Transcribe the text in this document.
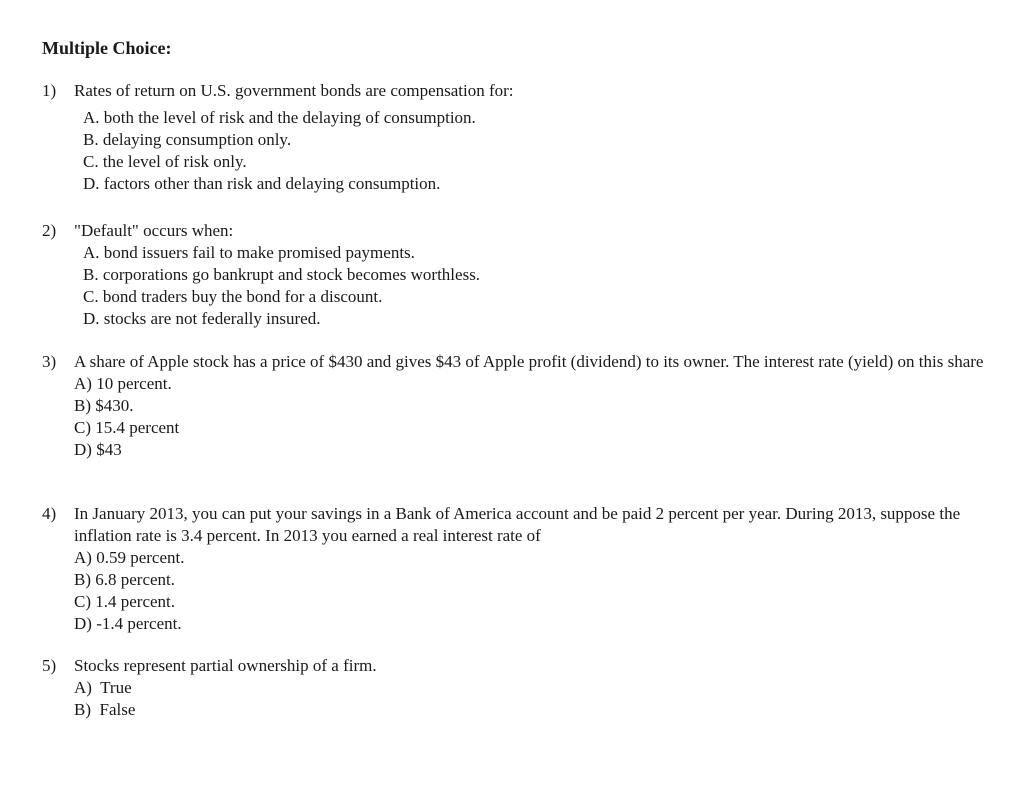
Multiple Choice:
1)	Rates of return on U.S. government bonds are compensation for:
A. both the level of risk and the delaying of consumption.
B. delaying consumption only.
C. the level of risk only.
D. factors other than risk and delaying consumption.
2)	"Default" occurs when:
A. bond issuers fail to make promised payments.
B. corporations go bankrupt and stock becomes worthless.
C. bond traders buy the bond for a discount.
D. stocks are not federally insured.
3)	A share of Apple stock has a price of $430 and gives $43 of Apple profit (dividend) to its owner. The interest rate (yield) on this share
A) 10 percent.
B) $430.
C) 15.4 percent
D) $43
4)	In January 2013, you can put your savings in a Bank of America account and be paid 2 percent per year. During 2013, suppose the inflation rate is 3.4 percent. In 2013 you earned a real interest rate of
A) 0.59 percent.
B) 6.8 percent.
C) 1.4 percent.
D) -1.4 percent.
5)	Stocks represent partial ownership of a firm.
A)  True
B)  False
